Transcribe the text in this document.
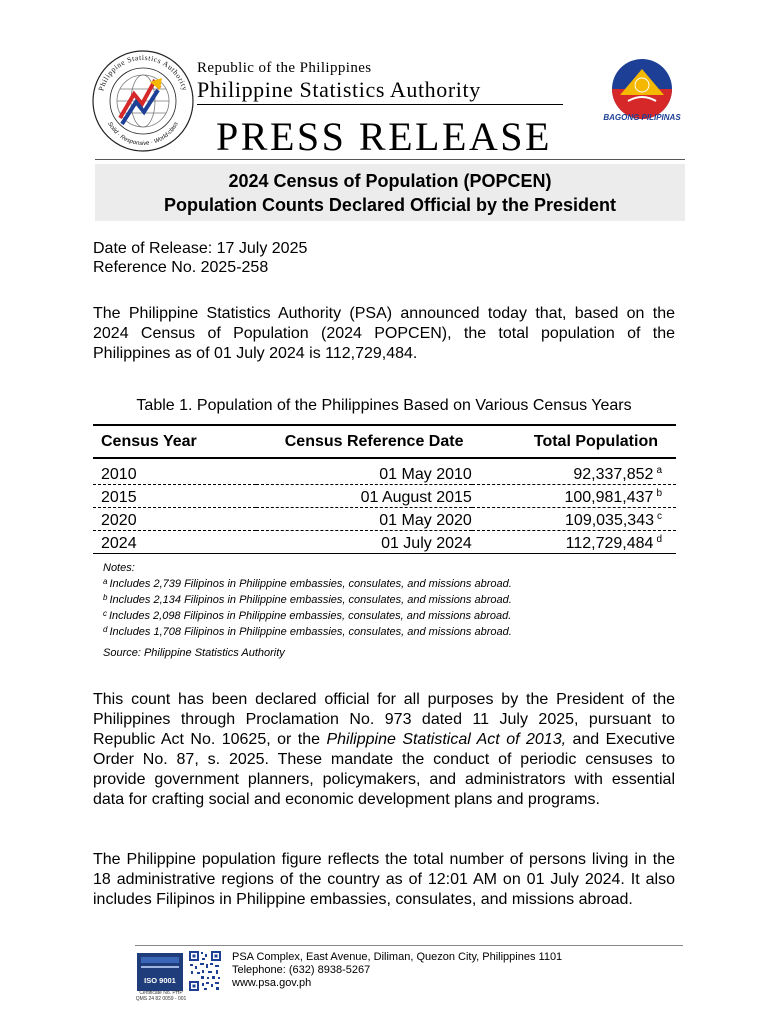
Philippine Statistics Authority
Solid · Responsive · World-class
Republic of the Philippines
Philippine Statistics Authority
BAGONG PILIPINAS
PRESS RELEASE
2024 Census of Population (POPCEN)
Population Counts Declared Official by the President
Date of Release: 17 July 2025
Reference No. 2025-258
The Philippine Statistics Authority (PSA) announced today that, based on the 2024 Census of Population (2024 POPCEN), the total population of the Philippines as of 01 July 2024 is 112,729,484.
Table 1. Population of the Philippines Based on Various Census Years
Census Year	Census Reference Date	Total Population
2010	01 May 2010	92,337,852 $^a$
2015	01 August 2015	100,981,437 $^b$
2020	01 May 2020	109,035,343 $^c$
2024	01 July 2024	112,729,484 $^d$
Notes:
$^a$ Includes 2,739 Filipinos in Philippine embassies, consulates, and missions abroad.
$^b$ Includes 2,134 Filipinos in Philippine embassies, consulates, and missions abroad.
$^c$ Includes 2,098 Filipinos in Philippine embassies, consulates, and missions abroad.
$^d$ Includes 1,708 Filipinos in Philippine embassies, consulates, and missions abroad.
Source: Philippine Statistics Authority
This count has been declared official for all purposes by the President of the Philippines through Proclamation No. 973 dated 11 July 2025, pursuant to Republic Act No. 10625, or the Philippine Statistical Act of 2013, and Executive Order No. 87, s. 2025. These mandate the conduct of periodic censuses to provide government planners, policymakers, and administrators with essential data for crafting social and economic development plans and programs.
The Philippine population figure reflects the total number of persons living in the 18 administrative regions of the country as of 12:01 AM on 01 July 2024. It also includes Filipinos in Philippine embassies, consulates, and missions abroad.
ISO 9001
Certificate No. PHP QMS 24 82 0059 - 001
PSA Complex, East Avenue, Diliman, Quezon City, Philippines 1101
Telephone: (632) 8938-5267
www.psa.gov.ph
